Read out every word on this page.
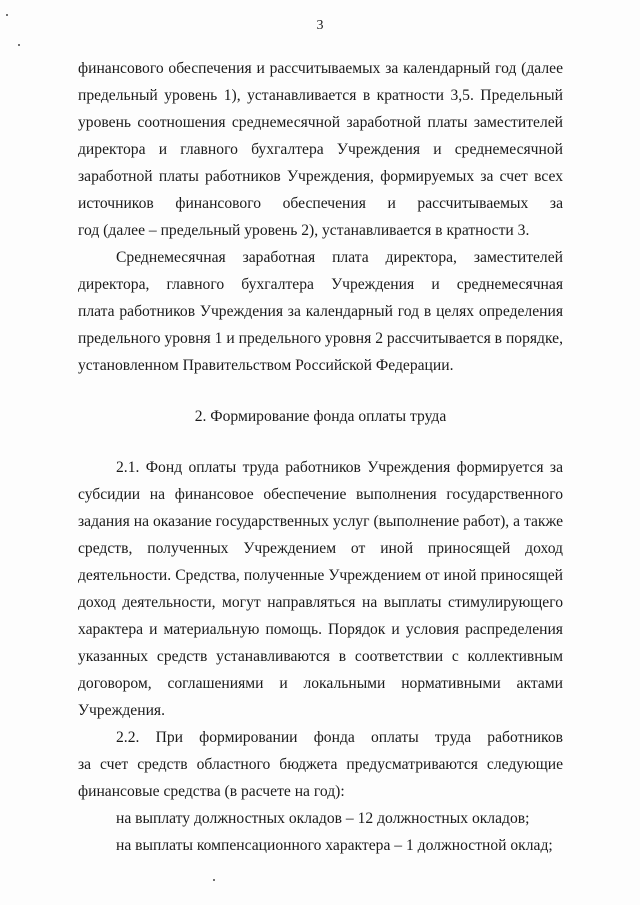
3
финансового обеспечения и рассчитываемых за календарный год (далее
предельный уровень 1), устанавливается в кратности 3,5. Предельный
уровень соотношения среднемесячной заработной платы заместителей
директора и главного бухгалтера Учреждения и среднемесячной
заработной платы работников Учреждения, формируемых за счет всех
источников финансового обеспечения и рассчитываемых за
год (далее – предельный уровень 2), устанавливается в кратности 3.
Среднемесячная заработная плата директора, заместителей
директора, главного бухгалтера Учреждения и среднемесячная
плата работников Учреждения за календарный год в целях определения
предельного уровня 1 и предельного уровня 2 рассчитывается в порядке,
установленном Правительством Российской Федерации.
2. Формирование фонда оплаты труда
2.1. Фонд оплаты труда работников Учреждения формируется за
субсидии на финансовое обеспечение выполнения государственного
задания на оказание государственных услуг (выполнение работ), а также
средств, полученных Учреждением от иной приносящей доход
деятельности. Средства, полученные Учреждением от иной приносящей
доход деятельности, могут направляться на выплаты стимулирующего
характера и материальную помощь. Порядок и условия распределения
указанных средств устанавливаются в соответствии с коллективным
договором, соглашениями и локальными нормативными актами
Учреждения.
2.2. При формировании фонда оплаты труда работников
за счет средств областного бюджета предусматриваются следующие
финансовые средства (в расчете на год):
на выплату должностных окладов – 12 должностных окладов;
на выплаты компенсационного характера – 1 должностной оклад;
